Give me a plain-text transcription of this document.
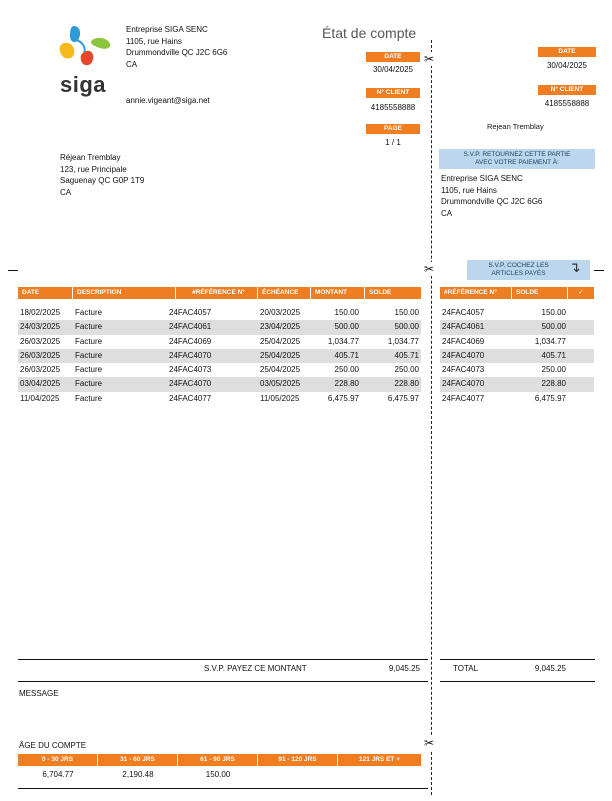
siga
Entreprise SIGA SENC
1105, rue Hains
Drummondville QC J2C 6G6
CA
annie.vigeant@siga.net
État de compte
DATE
30/04/2025
N° CLIENT
4185558888
PAGE
1 / 1
Réjean Tremblay
123, rue Principale
Saguenay QC G0P 1T9
CA
✂
✂
✂
DATE
30/04/2025
N° CLIENT
4185558888
Rejean Tremblay
S.V.P. RETOURNEZ CETTE PARTIE
AVEC VOTRE PAIEMENT À:
Entreprise SIGA SENC
1105, rue Hains
Drummondville QC J2C 6G6
CA
S.V.P. COCHEZ LES
ARTICLES PAYÉS	↴
DATE	DESCRIPTION	#RÉFÉRENCE N°	ÉCHÉANCE	MONTANT	SOLDE
18/02/2025	Facture	24FAC4057	20/03/2025	150.00	150.00
24/03/2025	Facture	24FAC4061	23/04/2025	500.00	500.00
26/03/2025	Facture	24FAC4069	25/04/2025	1,034.77	1,034.77
26/03/2025	Facture	24FAC4070	25/04/2025	405.71	405.71
26/03/2025	Facture	24FAC4073	25/04/2025	250.00	250.00
03/04/2025	Facture	24FAC4070	03/05/2025	228.80	228.80
11/04/2025	Facture	24FAC4077	11/05/2025	6,475.97	6,475.97
#RÉFÉRENCE N°	SOLDE	✓
24FAC4057	150.00
24FAC4061	500.00
24FAC4069	1,034.77
24FAC4070	405.71
24FAC4073	250.00
24FAC4070	228.80
24FAC4077	6,475.97
S.V.P. PAYEZ CE MONTANT	9,045.25	TOTAL	9,045.25
MESSAGE
ÂGE DU COMPTE
0 - 30 JRS	31 - 60 JRS	61 - 90 JRS	91 - 120 JRS	121 JRS ET +
6,704.77	2,190.48	150.00
